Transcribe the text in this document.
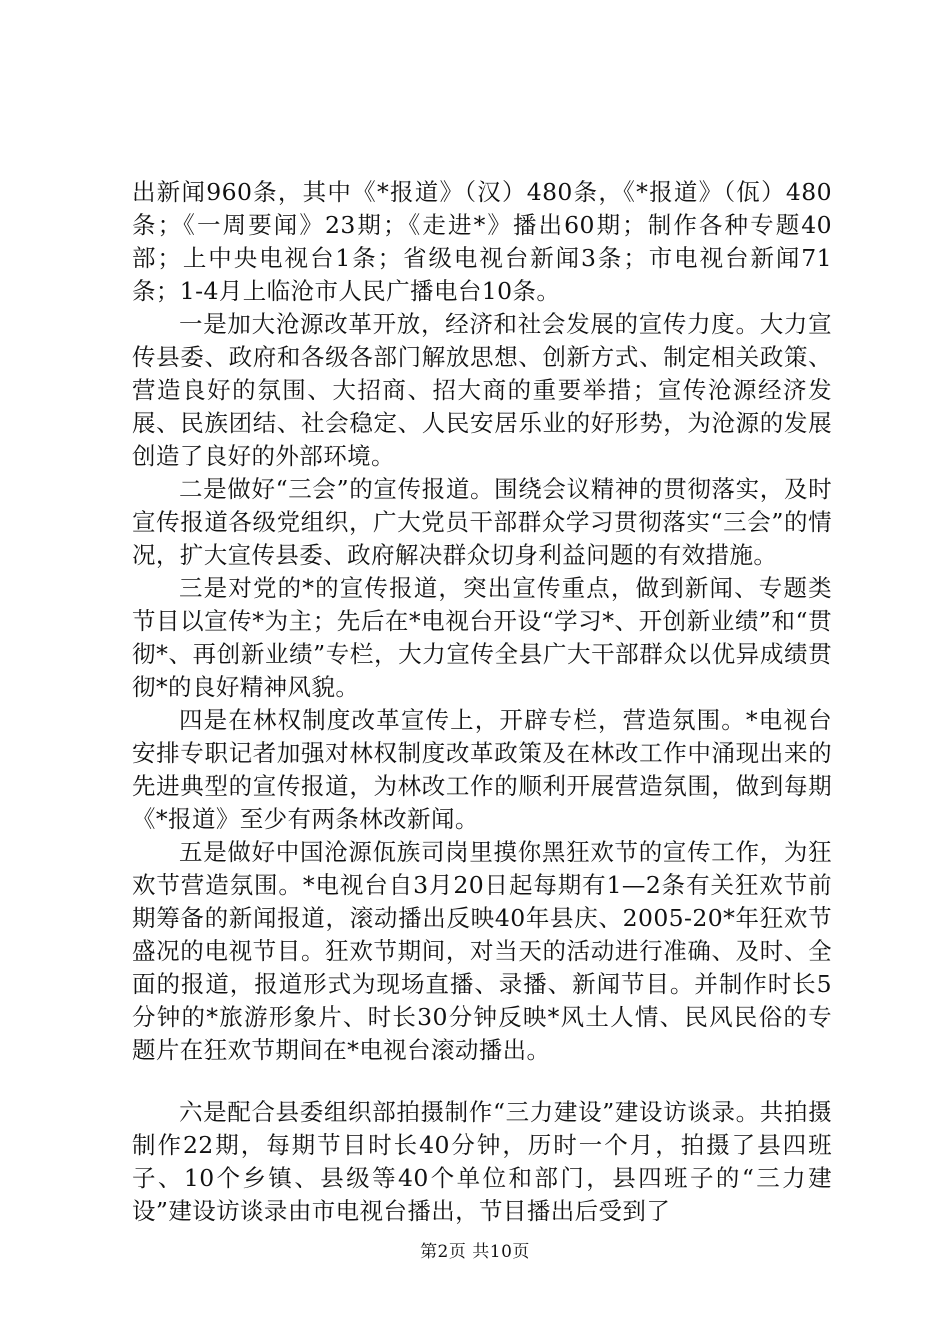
出新闻960条，其中《*报道》（汉）480条，《*报道》（佤）480条；《一周要闻》23期；《走进*》播出60期；制作各种专题40部；上中央电视台1条；省级电视台新闻3条；市电视台新闻71条；1-4月上临沧市人民广播电台10条。

一是加大沧源改革开放，经济和社会发展的宣传力度。大力宣传县委、政府和各级各部门解放思想、创新方式、制定相关政策、营造良好的氛围、大招商、招大商的重要举措；宣传沧源经济发展、民族团结、社会稳定、人民安居乐业的好形势，为沧源的发展创造了良好的外部环境。

二是做好“三会”的宣传报道。围绕会议精神的贯彻落实，及时宣传报道各级党组织，广大党员干部群众学习贯彻落实“三会”的情况，扩大宣传县委、政府解决群众切身利益问题的有效措施。

三是对党的*的宣传报道，突出宣传重点，做到新闻、专题类节目以宣传*为主；先后在*电视台开设“学习*、开创新业绩”和“贯彻*、再创新业绩”专栏，大力宣传全县广大干部群众以优异成绩贯彻*的良好精神风貌。

四是在林权制度改革宣传上，开辟专栏，营造氛围。*电视台安排专职记者加强对林权制度改革政策及在林改工作中涌现出来的先进典型的宣传报道，为林改工作的顺利开展营造氛围，做到每期《*报道》至少有两条林改新闻。

五是做好中国沧源佤族司岗里摸你黑狂欢节的宣传工作，为狂欢节营造氛围。*电视台自3月20日起每期有1—2条有关狂欢节前期筹备的新闻报道，滚动播出反映40年县庆、2005-20*年狂欢节盛况的电视节目。狂欢节期间，对当天的活动进行准确、及时、全面的报道，报道形式为现场直播、录播、新闻节目。并制作时长5分钟的*旅游形象片、时长30分钟反映*风土人情、民风民俗的专题片在狂欢节期间在*电视台滚动播出。

六是配合县委组织部拍摄制作“三力建设”建设访谈录。共拍摄制作22期，每期节目时长40分钟，历时一个月，拍摄了县四班子、10个乡镇、县级等40个单位和部门，县四班子的“三力建设”建设访谈录由市电视台播出，节目播出后受到了

第2页 共10页
